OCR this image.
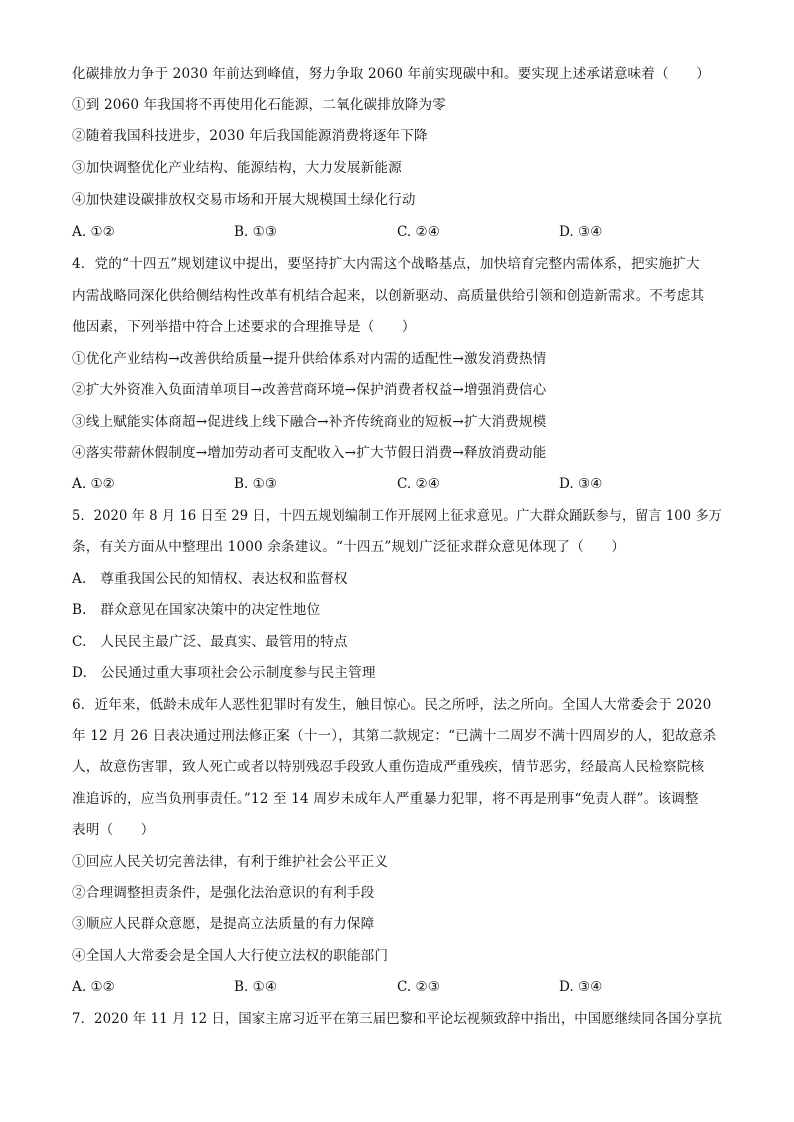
化碳排放力争于 2030 年前达到峰值，努力争取 2060 年前实现碳中和。要实现上述承诺意味着（　　）
①到 2060 年我国将不再使用化石能源，二氧化碳排放降为零
②随着我国科技进步，2030 年后我国能源消费将逐年下降
③加快调整优化产业结构、能源结构，大力发展新能源
④加快建设碳排放权交易市场和开展大规模国土绿化行动
A. ①②	B. ①③	C. ②④	D. ③④
4．党的“十四五”规划建议中提出，要坚持扩大内需这个战略基点，加快培育完整内需体系，把实施扩大
内需战略同深化供给侧结构性改革有机结合起来，以创新驱动、高质量供给引领和创造新需求。不考虑其
他因素，下列举措中符合上述要求的合理推导是（　　）
①优化产业结构→改善供给质量→提升供给体系对内需的适配性→激发消费热情
②扩大外资准入负面清单项目→改善营商环境→保护消费者权益→增强消费信心
③线上赋能实体商超→促进线上线下融合→补齐传统商业的短板→扩大消费规模
④落实带薪休假制度→增加劳动者可支配收入→扩大节假日消费→释放消费动能
A. ①②	B. ①③	C. ②④	D. ③④
5．2020 年 8 月 16 日至 29 日，十四五规划编制工作开展网上征求意见。广大群众踊跃参与，留言 100 多万
条，有关方面从中整理出 1000 余条建议。“十四五”规划广泛征求群众意见体现了（　　）
A.　尊重我国公民的知情权、表达权和监督权
B.　群众意见在国家决策中的决定性地位
C.　人民民主最广泛、最真实、最管用的特点
D.　公民通过重大事项社会公示制度参与民主管理
6．近年来，低龄未成年人恶性犯罪时有发生，触目惊心。民之所呼，法之所向。全国人大常委会于 2020
年 12 月 26 日表决通过刑法修正案（十一），其第二款规定：“已满十二周岁不满十四周岁的人，犯故意杀
人，故意伤害罪，致人死亡或者以特别残忍手段致人重伤造成严重残疾，情节恶劣，经最高人民检察院核
准追诉的，应当负刑事责任。”12 至 14 周岁未成年人严重暴力犯罪，将不再是刑事“免责人群”。该调整
表明（　　）
①回应人民关切完善法律，有利于维护社会公平正义
②合理调整担责条件，是强化法治意识的有利手段
③顺应人民群众意愿，是提高立法质量的有力保障
④全国人大常委会是全国人大行使立法权的职能部门
A. ①②	B. ①④	C. ②③	D. ③④
7．2020 年 11 月 12 日，国家主席习近平在第三届巴黎和平论坛视频致辞中指出，中国愿继续同各国分享抗
